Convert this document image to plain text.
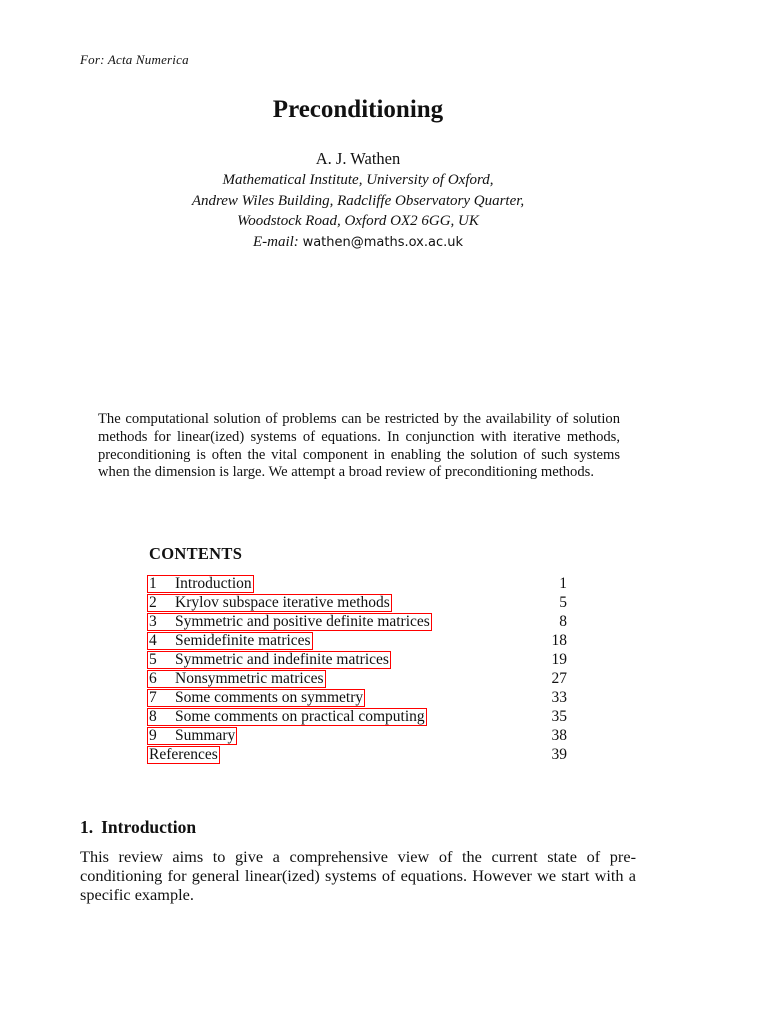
For: Acta Numerica
Preconditioning
A. J. Wathen
Mathematical Institute, University of Oxford,
Andrew Wiles Building, Radcliffe Observatory Quarter,
Woodstock Road, Oxford OX2 6GG, UK
E-mail: wathen@maths.ox.ac.uk
The computational solution of problems can be restricted by the availability of solution methods for linear(ized) systems of equations. In conjunction with iterative methods, preconditioning is often the vital component in enabling the solution of such systems when the dimension is large. We attempt a broad review of preconditioning methods.
CONTENTS
1 Introduction	1
2 Krylov subspace iterative methods	5
3 Symmetric and positive definite matrices	8
4 Semidefinite matrices	18
5 Symmetric and indefinite matrices	19
6 Nonsymmetric matrices	27
7 Some comments on symmetry	33
8 Some comments on practical computing	35
9 Summary	38
References	39
1. Introduction
This review aims to give a comprehensive view of the current state of pre-conditioning for general linear(ized) systems of equations. However we start with a specific example.
